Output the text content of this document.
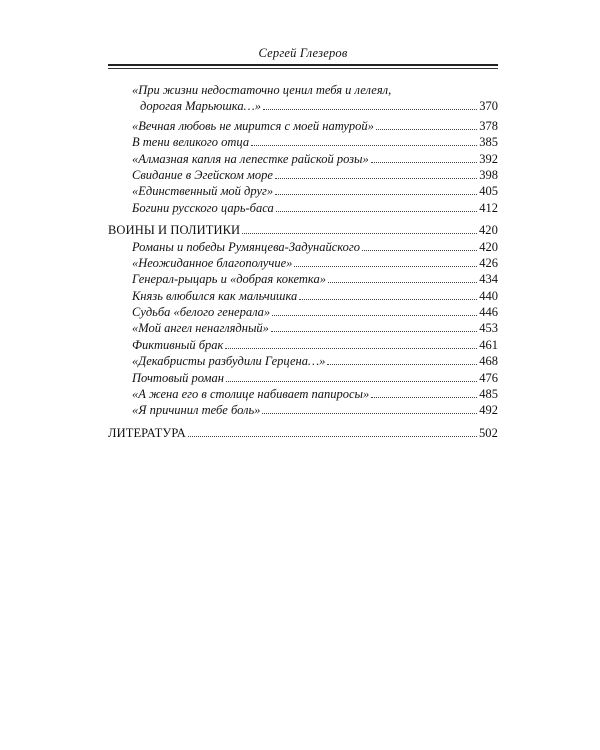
Сергей Глезеров
«При жизни недостаточно ценил тебя и лелеял,
дорогая Марьюшка…»	370
«Вечная любовь не мирится с моей натурой»	378
В тени великого отца	385
«Алмазная капля на лепестке райской розы»	392
Свидание в Эгейском море	398
«Единственный мой друг»	405
Богини русского царь-баса	412
ВОИНЫ И ПОЛИТИКИ	420
Романы и победы Румянцева-Задунайского	420
«Неожиданное благополучие»	426
Генерал-рыцарь и «добрая кокетка»	434
Князь влюбился как мальчишка	440
Судьба «белого генерала»	446
«Мой ангел ненаглядный»	453
Фиктивный брак	461
«Декабристы разбудили Герцена…»	468
Почтовый роман	476
«А жена его в столице набивает папиросы»	485
«Я причинил тебе боль»	492
ЛИТЕРАТУРА	502
